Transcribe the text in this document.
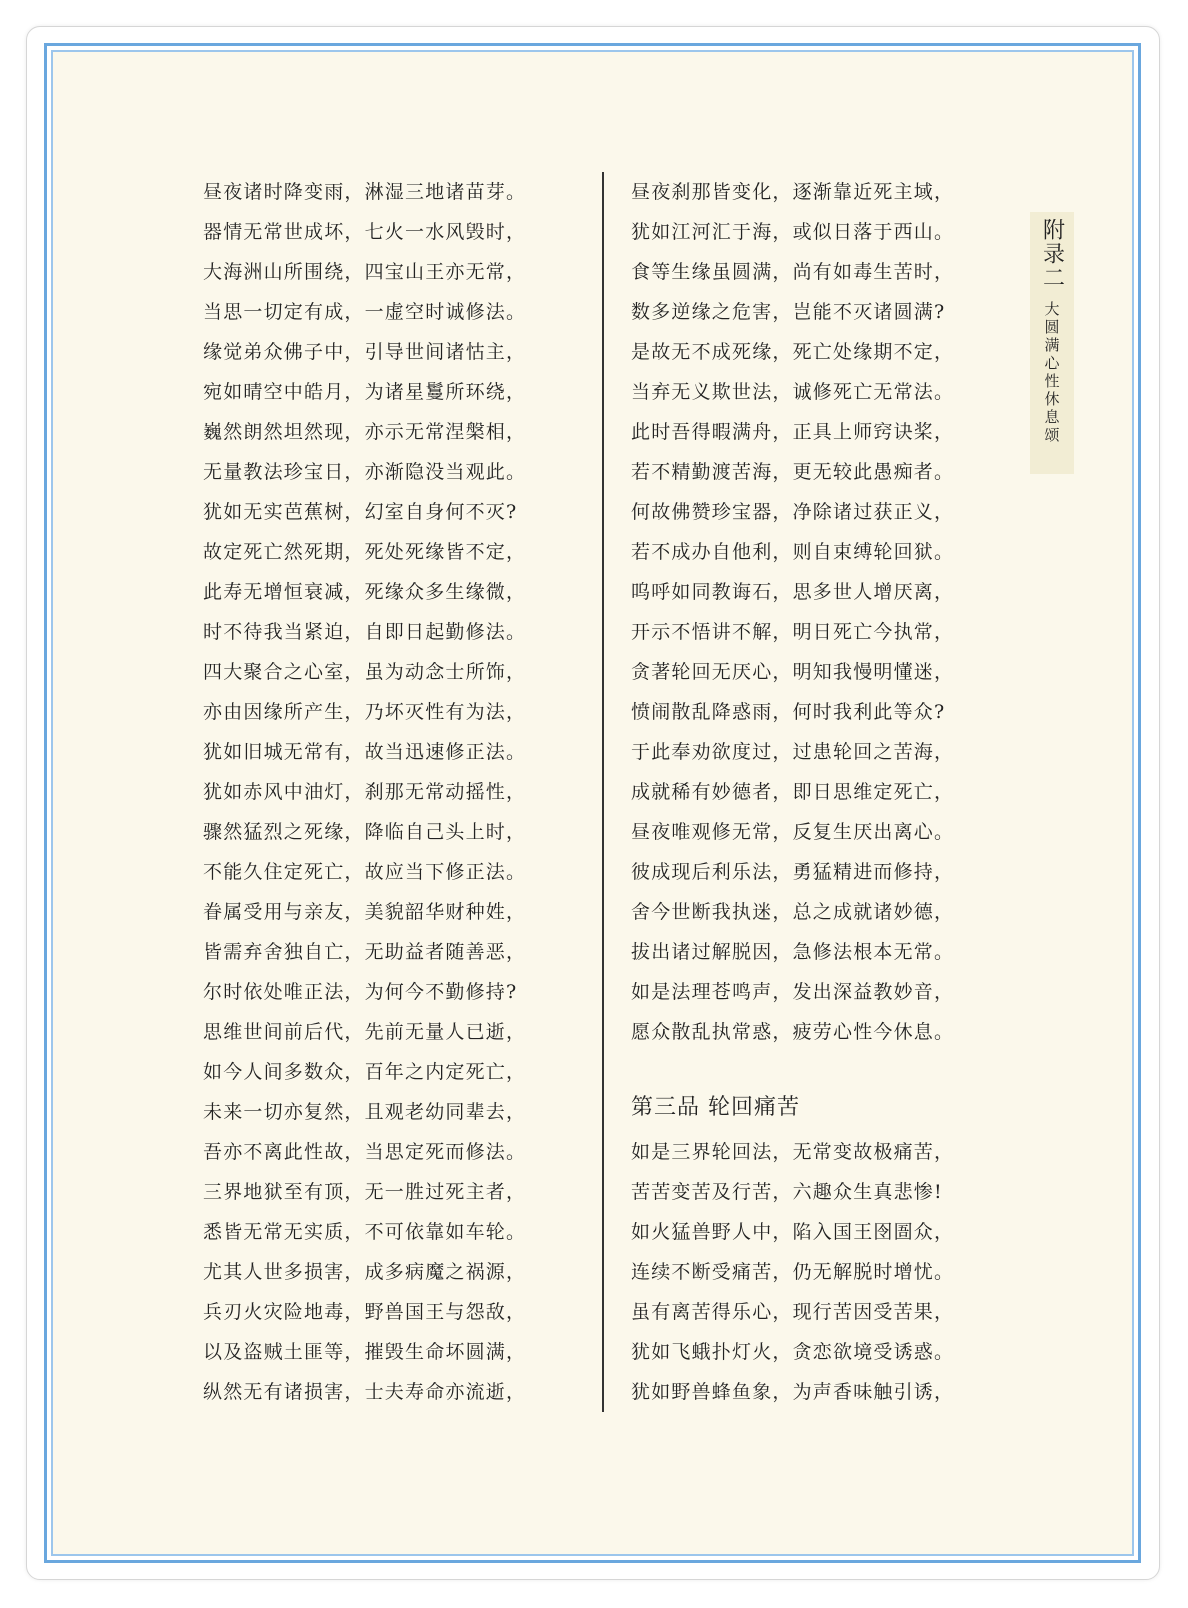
昼夜诸时降变雨，淋湿三地诸苗芽。
器情无常世成坏，七火一水风毁时，
大海洲山所围绕，四宝山王亦无常，
当思一切定有成，一虚空时诚修法。
缘觉弟众佛子中，引导世间诸怙主，
宛如晴空中皓月，为诸星鬘所环绕，
巍然朗然坦然现，亦示无常涅槃相，
无量教法珍宝日，亦渐隐没当观此。
犹如无实芭蕉树，幻室自身何不灭?
故定死亡然死期，死处死缘皆不定，
此寿无增恒衰减，死缘众多生缘微，
时不待我当紧迫，自即日起勤修法。
四大聚合之心室，虽为动念士所饰，
亦由因缘所产生，乃坏灭性有为法，
犹如旧城无常有，故当迅速修正法。
犹如赤风中油灯，刹那无常动摇性，
骤然猛烈之死缘，降临自己头上时，
不能久住定死亡，故应当下修正法。
眷属受用与亲友，美貌韶华财种姓，
皆需弃舍独自亡，无助益者随善恶，
尔时依处唯正法，为何今不勤修持?
思维世间前后代，先前无量人已逝，
如今人间多数众，百年之内定死亡，
未来一切亦复然，且观老幼同辈去，
吾亦不离此性故，当思定死而修法。
三界地狱至有顶，无一胜过死主者，
悉皆无常无实质，不可依靠如车轮。
尤其人世多损害，成多病魔之祸源，
兵刃火灾险地毒，野兽国王与怨敌，
以及盗贼土匪等，摧毁生命坏圆满，
纵然无有诸损害，士夫寿命亦流逝，
昼夜刹那皆变化，逐渐靠近死主域，
犹如江河汇于海，或似日落于西山。
食等生缘虽圆满，尚有如毒生苦时，
数多逆缘之危害，岂能不灭诸圆满?
是故无不成死缘，死亡处缘期不定，
当弃无义欺世法，诚修死亡无常法。
此时吾得暇满舟，正具上师窍诀桨，
若不精勤渡苦海，更无较此愚痴者。
何故佛赞珍宝器，净除诸过获正义，
若不成办自他利，则自束缚轮回狱。
呜呼如同教诲石，思多世人增厌离，
开示不悟讲不解，明日死亡今执常，
贪著轮回无厌心，明知我慢明懂迷，
愤闹散乱降惑雨，何时我利此等众?
于此奉劝欲度过，过患轮回之苦海，
成就稀有妙德者，即日思维定死亡，
昼夜唯观修无常，反复生厌出离心。
彼成现后利乐法，勇猛精进而修持，
舍今世断我执迷，总之成就诸妙德，
拔出诸过解脱因，急修法根本无常。
如是法理苍鸣声，发出深益教妙音，
愿众散乱执常惑，疲劳心性今休息。
第三品 轮回痛苦
如是三界轮回法，无常变故极痛苦，
苦苦变苦及行苦，六趣众生真悲惨!
如火猛兽野人中，陷入国王囹圄众，
连续不断受痛苦，仍无解脱时增忧。
虽有离苦得乐心，现行苦因受苦果，
犹如飞蛾扑灯火，贪恋欲境受诱惑。
犹如野兽蜂鱼象，为声香味触引诱，
附录二 大圆满心性休息颂
